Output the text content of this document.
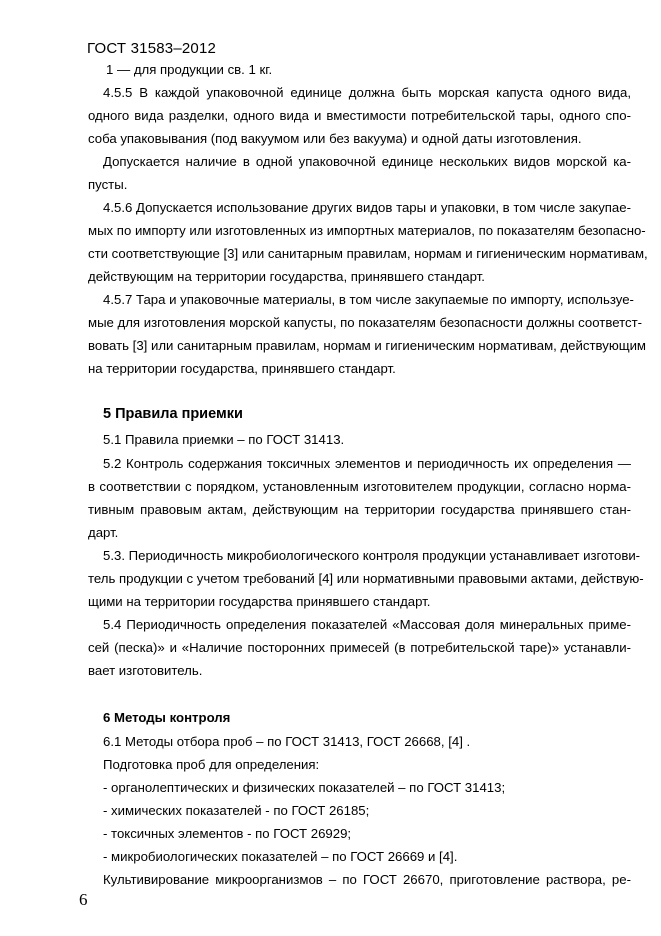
ГОСТ 31583–2012
1 — для продукции св. 1 кг.
4.5.5 В каждой упаковочной единице должна быть морская капуста одного вида,
одного вида разделки, одного вида и вместимости потребительской тары, одного спо-
соба упаковывания (под вакуумом или без вакуума) и одной даты изготовления.
Допускается наличие в одной упаковочной единице нескольких видов морской ка-
пусты.
4.5.6 Допускается использование других видов тары и упаковки, в том числе закупае-
мых по импорту или изготовленных из импортных материалов, по показателям безопасно-
сти соответствующие [3] или санитарным правилам, нормам и гигиеническим нормативам,
действующим на территории государства, принявшего стандарт.
4.5.7 Тара и упаковочные материалы, в том числе закупаемые по импорту, используе-
мые для изготовления морской капусты, по показателям безопасности должны соответст-
вовать [3] или санитарным правилам, нормам и гигиеническим нормативам, действующим
на территории государства, принявшего стандарт.
5 Правила приемки
5.1 Правила приемки – по ГОСТ 31413.
5.2 Контроль содержания токсичных элементов и периодичность их определения —
в соответствии с порядком, установленным изготовителем продукции, согласно норма-
тивным правовым актам, действующим на территории государства принявшего стан-
дарт.
5.3. Периодичность микробиологического контроля продукции устанавливает изготови-
тель продукции с учетом требований [4] или нормативными правовыми актами, действую-
щими на территории государства принявшего стандарт.
5.4 Периодичность определения показателей «Массовая доля минеральных приме-
сей (песка)» и «Наличие посторонних примесей (в потребительской таре)» устанавли-
вает изготовитель.
6 Методы контроля
6.1 Методы отбора проб – по ГОСТ 31413, ГОСТ 26668, [4] .
Подготовка проб для определения:
- органолептических и физических показателей – по ГОСТ 31413;
- химических показателей - по ГОСТ 26185;
- токсичных элементов - по ГОСТ 26929;
- микробиологических показателей – по ГОСТ 26669 и [4].
Культивирование микроорганизмов – по ГОСТ 26670, приготовление раствора, ре-
6
